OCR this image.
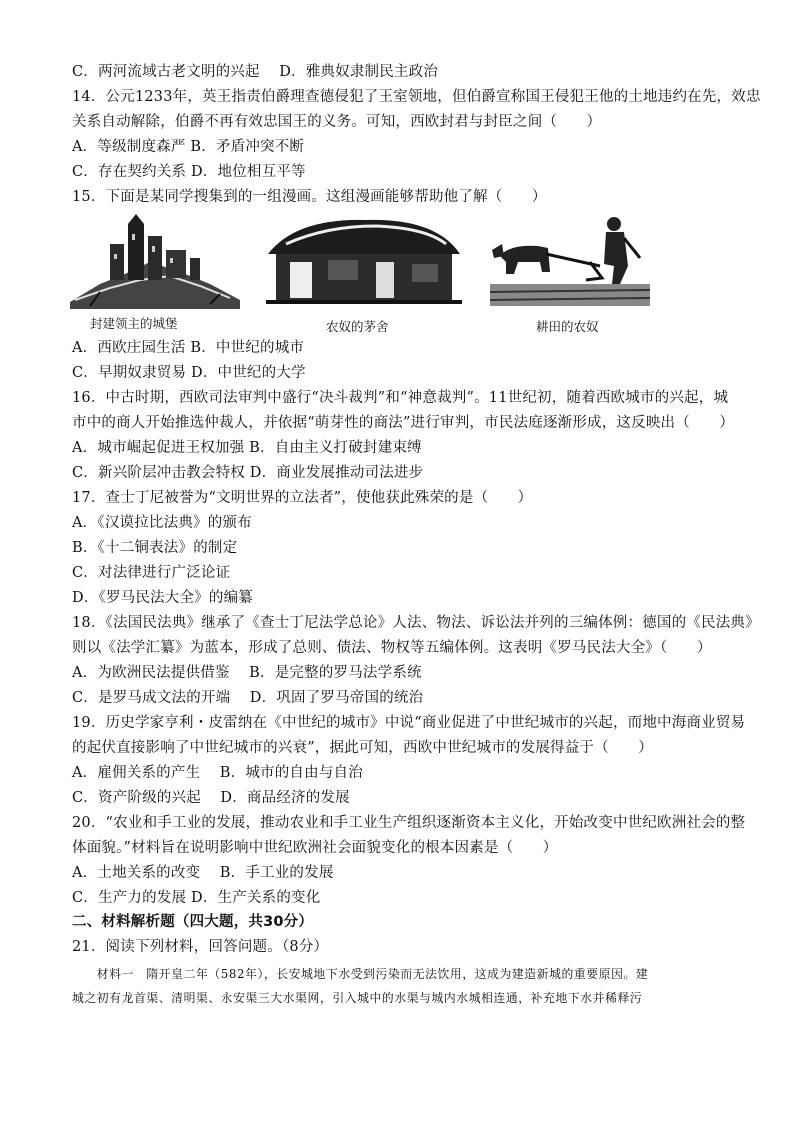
C．两河流域古老文明的兴起　 D．雅典奴隶制民主政治
14．公元1233年，英王指责伯爵理查德侵犯了王室领地，但伯爵宣称国王侵犯王他的土地违约在先，效忠
关系自动解除，伯爵不再有效忠国王的义务。可知，西欧封君与封臣之间（　　）
A．等级制度森严 B．矛盾冲突不断
C．存在契约关系 D．地位相互平等
15．下面是某同学搜集到的一组漫画。这组漫画能够帮助他了解（　　）
封建领主的城堡	农奴的茅舍	耕田的农奴
A．西欧庄园生活 B．中世纪的城市
C．早期奴隶贸易 D．中世纪的大学
16．中古时期，西欧司法审判中盛行“决斗裁判”和“神意裁判”。11世纪初，随着西欧城市的兴起，城
市中的商人开始推选仲裁人，并依据“萌芽性的商法”进行审判，市民法庭逐渐形成，这反映出（　　）
A．城市崛起促进王权加强 B．自由主义打破封建束缚
C．新兴阶层冲击教会特权 D．商业发展推动司法进步
17．查士丁尼被誉为“文明世界的立法者”，使他获此殊荣的是（　　）
A．《汉谟拉比法典》的颁布
B．《十二铜表法》的制定
C．对法律进行广泛论证
D．《罗马民法大全》的编纂
18．《法国民法典》继承了《查士丁尼法学总论》人法、物法、诉讼法并列的三编体例：德国的《民法典》
则以《法学汇纂》为蓝本，形成了总则、债法、物权等五编体例。这表明《罗马民法大全》（　　）
A．为欧洲民法提供借鉴　 B．是完整的罗马法学系统
C．是罗马成文法的开端　 D．巩固了罗马帝国的统治
19．历史学家亨利・皮雷纳在《中世纪的城市》中说“商业促进了中世纪城市的兴起，而地中海商业贸易
的起伏直接影响了中世纪城市的兴衰”，据此可知，西欧中世纪城市的发展得益于（　　）
A．雇佣关系的产生　 B．城市的自由与自治
C．资产阶级的兴起　 D．商品经济的发展
20．“农业和手工业的发展，推动农业和手工业生产组织逐渐资本主义化，开始改变中世纪欧洲社会的整
体面貌。”材料旨在说明影响中世纪欧洲社会面貌变化的根本因素是（　　）
A．土地关系的改变　 B．手工业的发展
C．生产力的发展 D．生产关系的变化
二、材料解析题（四大题，共30分）
21．阅读下列材料，回答问题。（8分）
　　材料一　隋开皇二年（582年），长安城地下水受到污染而无法饮用，这成为建造新城的重要原因。建
城之初有龙首渠、清明渠、永安渠三大水渠网，引入城中的水渠与城内水城相连通，补充地下水并稀释污
